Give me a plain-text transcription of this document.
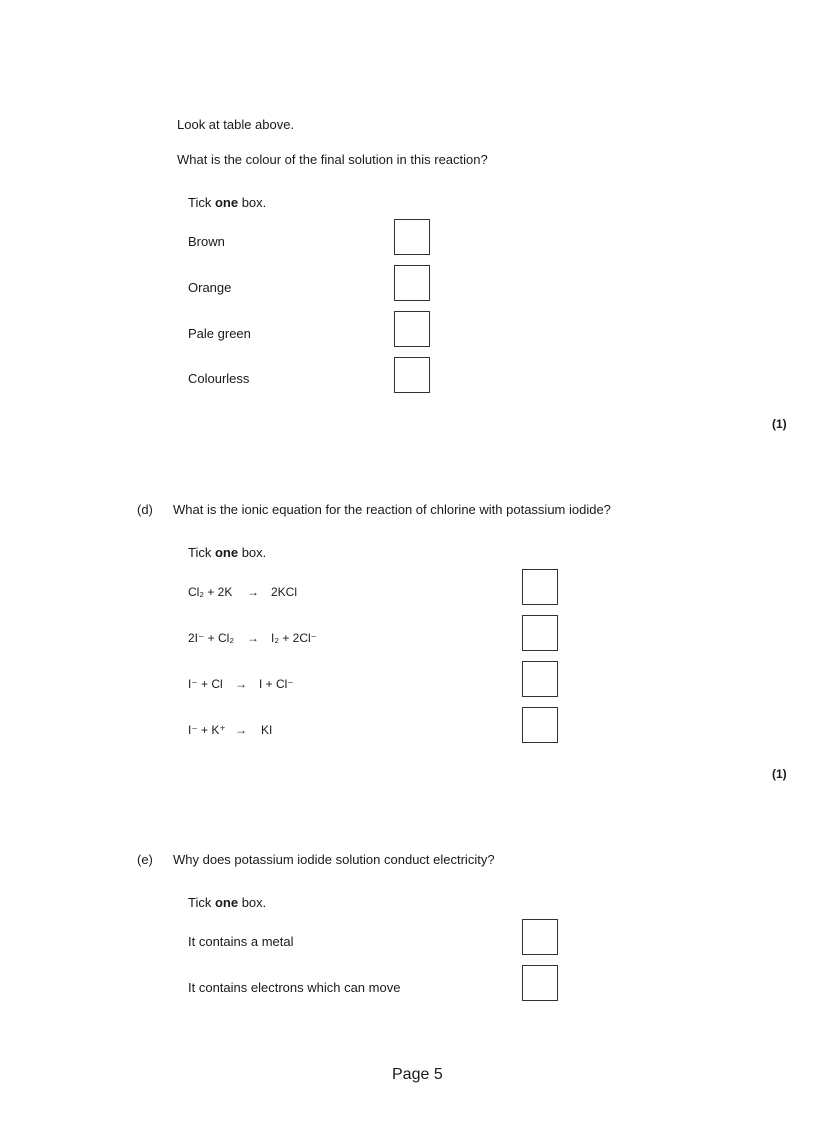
Look at table above.
What is the colour of the final solution in this reaction?
Tick one box.
Brown
Orange
Pale green
Colourless
(1)
(d) What is the ionic equation for the reaction of chlorine with potassium iodide?
Tick one box.
Cl₂ + 2K → 2KCl
2I⁻ + Cl₂ → I₂ + 2Cl⁻
I⁻ + Cl → I + Cl⁻
I⁻ + K⁺ → KI
(1)
(e) Why does potassium iodide solution conduct electricity?
Tick one box.
It contains a metal
It contains electrons which can move
Page 5
